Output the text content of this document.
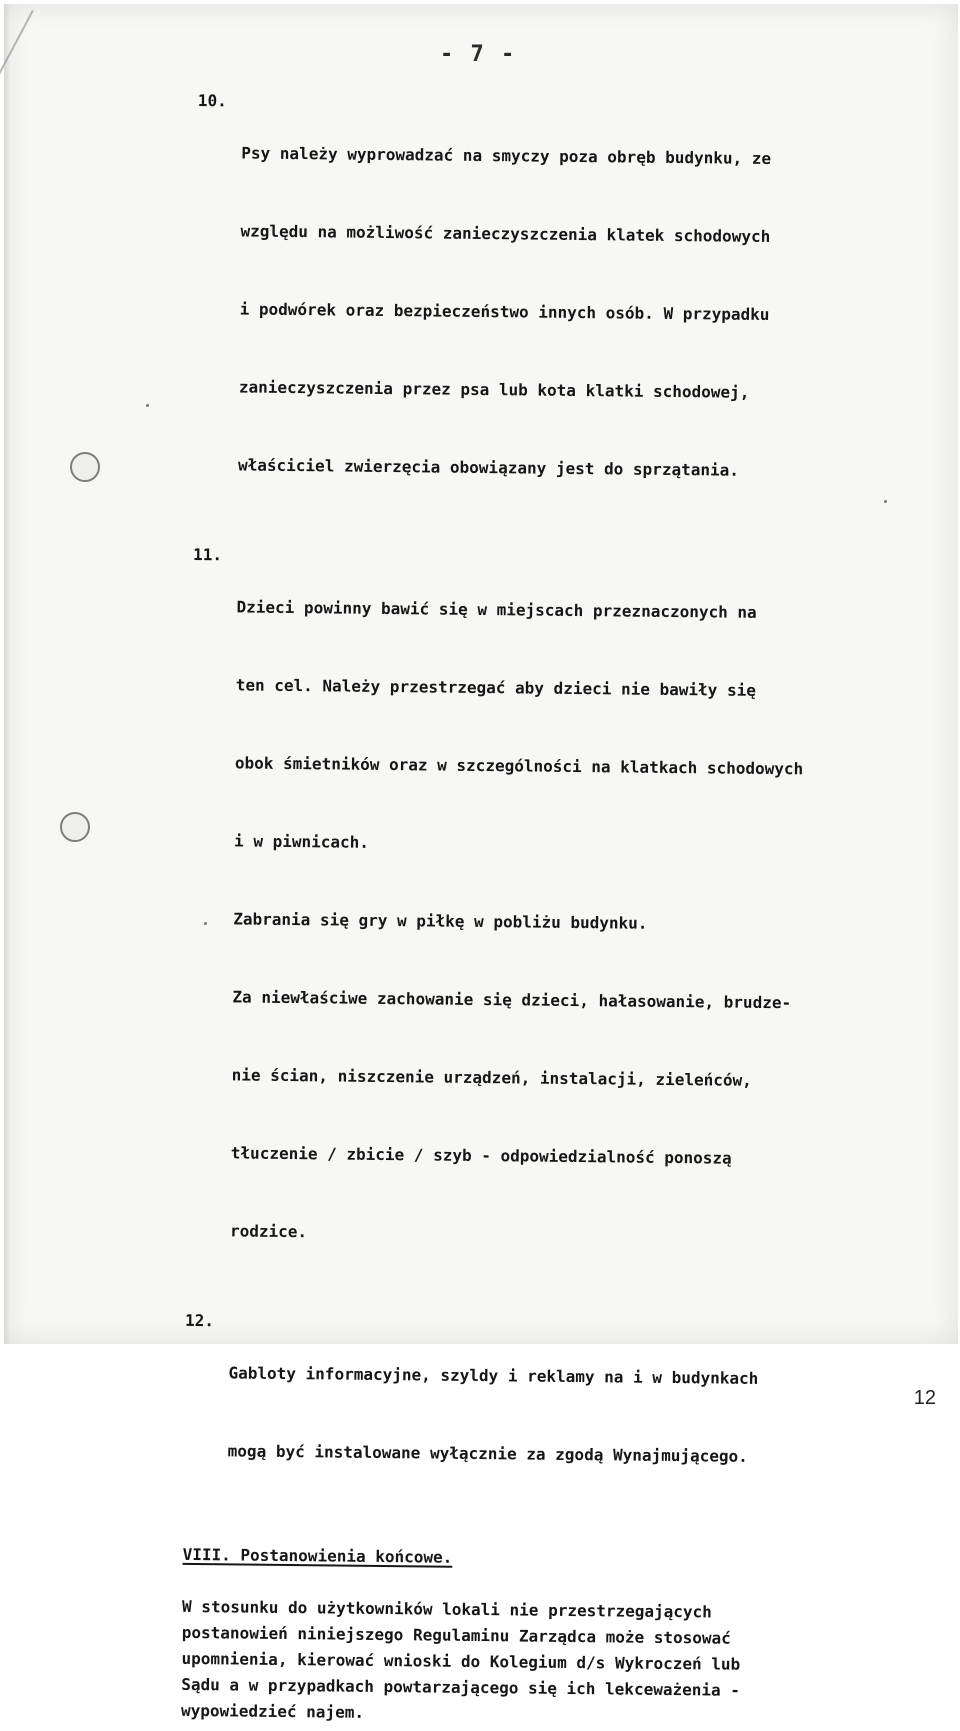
- 7 -
10.

Psy należy wyprowadzać na smyczy poza obręb budynku, ze

względu na możliwość zanieczyszczenia klatek schodowych

i podwórek oraz bezpieczeństwo innych osób. W przypadku

zanieczyszczenia przez psa lub kota klatki schodowej,

właściciel zwierzęcia obowiązany jest do sprzątania.

11.

Dzieci powinny bawić się w miejscach przeznaczonych na

ten cel. Należy przestrzegać aby dzieci nie bawiły się

obok śmietników oraz w szczególności na klatkach schodowych

i w piwnicach.

Zabrania się gry w piłkę w pobliżu budynku.

Za niewłaściwe zachowanie się dzieci, hałasowanie, brudze-

nie ścian, niszczenie urządzeń, instalacji, zieleńców,

tłuczenie / zbicie / szyb - odpowiedzialność ponoszą

rodzice.

12.

Gabloty informacyjne, szyldy i reklamy na i w budynkach

mogą być instalowane wyłącznie za zgodą Wynajmującego.

VIII. Postanowienia końcowe.
W stosunku do użytkowników lokali nie przestrzegających
postanowień niniejszego Regulaminu Zarządca może stosować
upomnienia, kierować wnioski do Kolegium d/s Wykroczeń lub
Sądu a w przypadkach powtarzającego się ich lekceważenia -
wypowiedzieć najem.
12
